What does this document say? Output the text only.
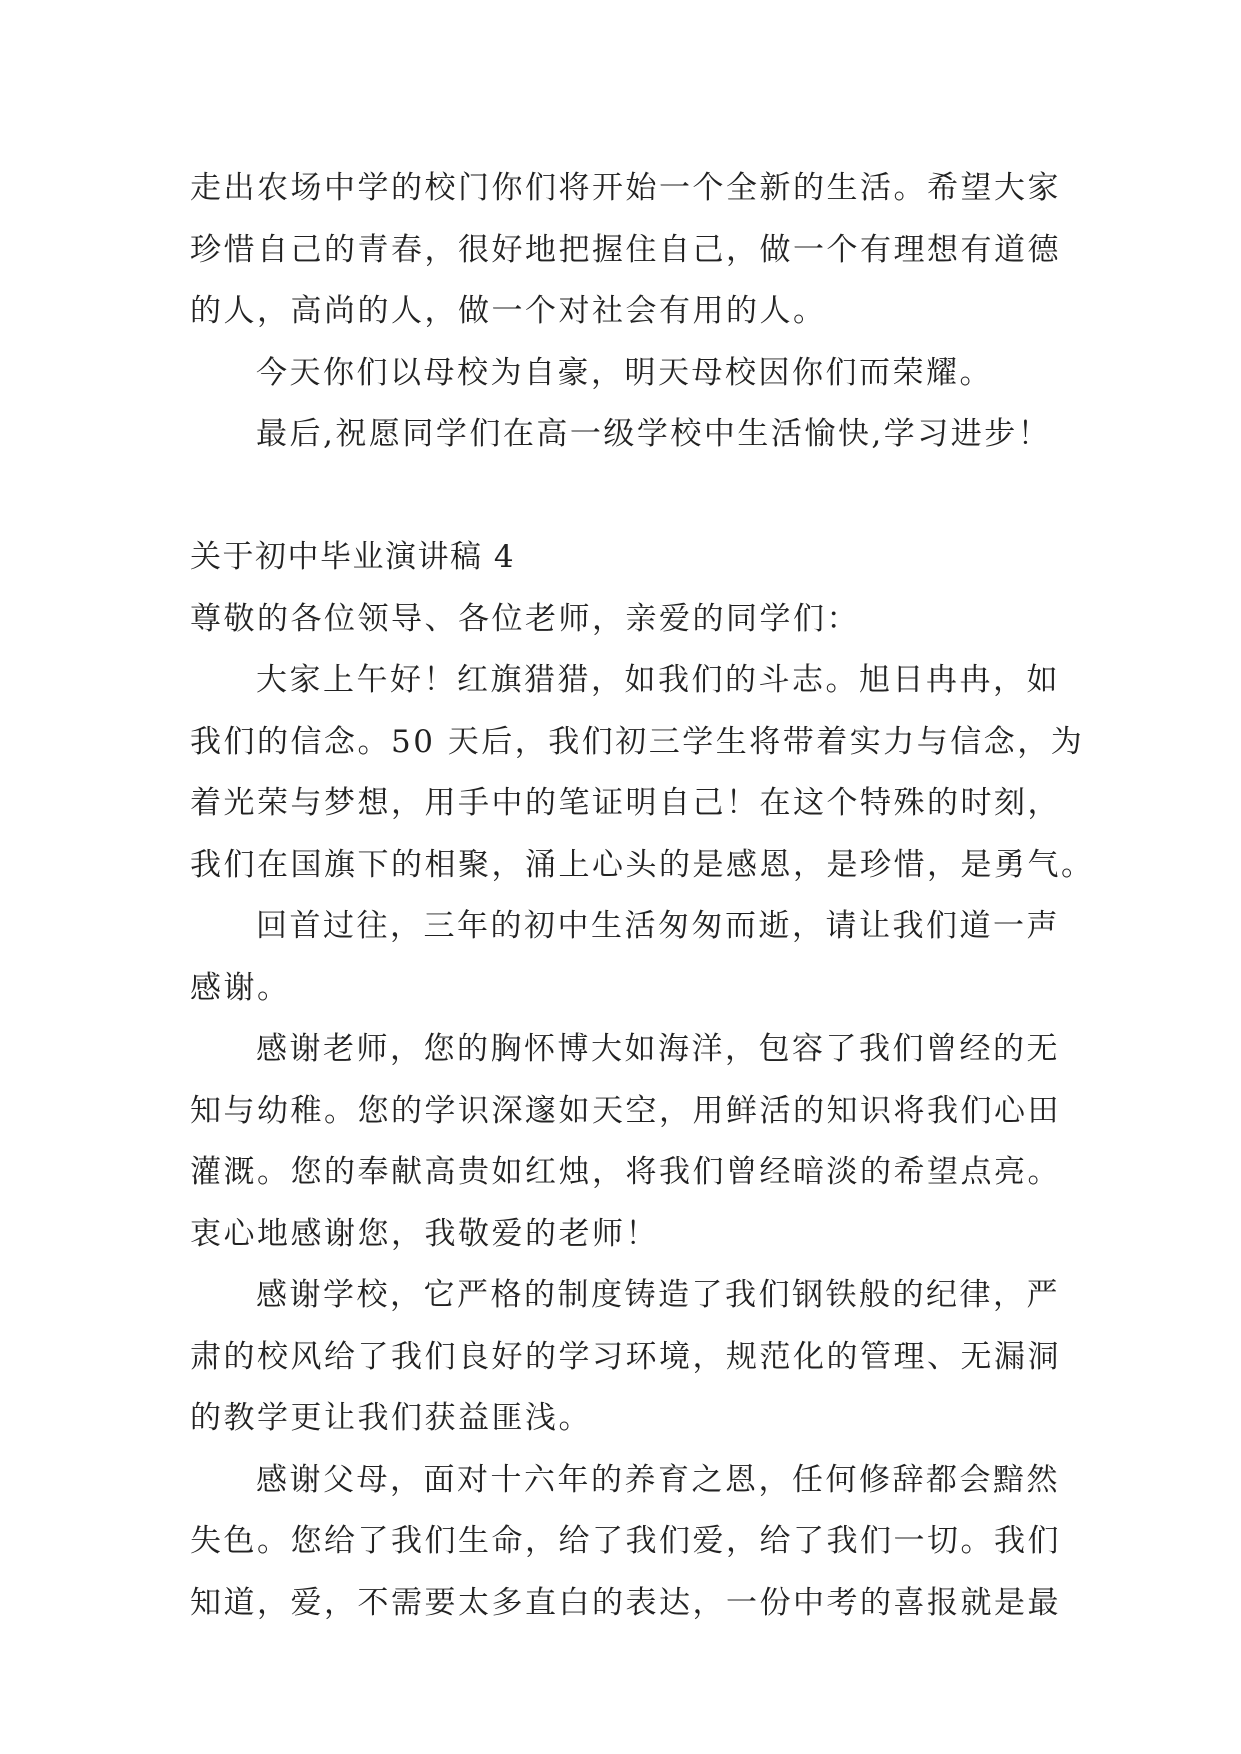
走出农场中学的校门你们将开始一个全新的生活。希望大家
珍惜自己的青春，很好地把握住自己，做一个有理想有道德
的人，高尚的人，做一个对社会有用的人。
今天你们以母校为自豪，明天母校因你们而荣耀。
最后,祝愿同学们在高一级学校中生活愉快,学习进步！
关于初中毕业演讲稿 4
尊敬的各位领导、各位老师，亲爱的同学们：
大家上午好！红旗猎猎，如我们的斗志。旭日冉冉，如
我们的信念。50 天后，我们初三学生将带着实力与信念，为
着光荣与梦想，用手中的笔证明自己！在这个特殊的时刻，
我们在国旗下的相聚，涌上心头的是感恩，是珍惜，是勇气。
回首过往，三年的初中生活匆匆而逝，请让我们道一声
感谢。
感谢老师，您的胸怀博大如海洋，包容了我们曾经的无
知与幼稚。您的学识深邃如天空，用鲜活的知识将我们心田
灌溉。您的奉献高贵如红烛，将我们曾经暗淡的希望点亮。
衷心地感谢您，我敬爱的老师！
感谢学校，它严格的制度铸造了我们钢铁般的纪律，严
肃的校风给了我们良好的学习环境，规范化的管理、无漏洞
的教学更让我们获益匪浅。
感谢父母，面对十六年的养育之恩，任何修辞都会黯然
失色。您给了我们生命，给了我们爱，给了我们一切。我们
知道，爱，不需要太多直白的表达，一份中考的喜报就是最
